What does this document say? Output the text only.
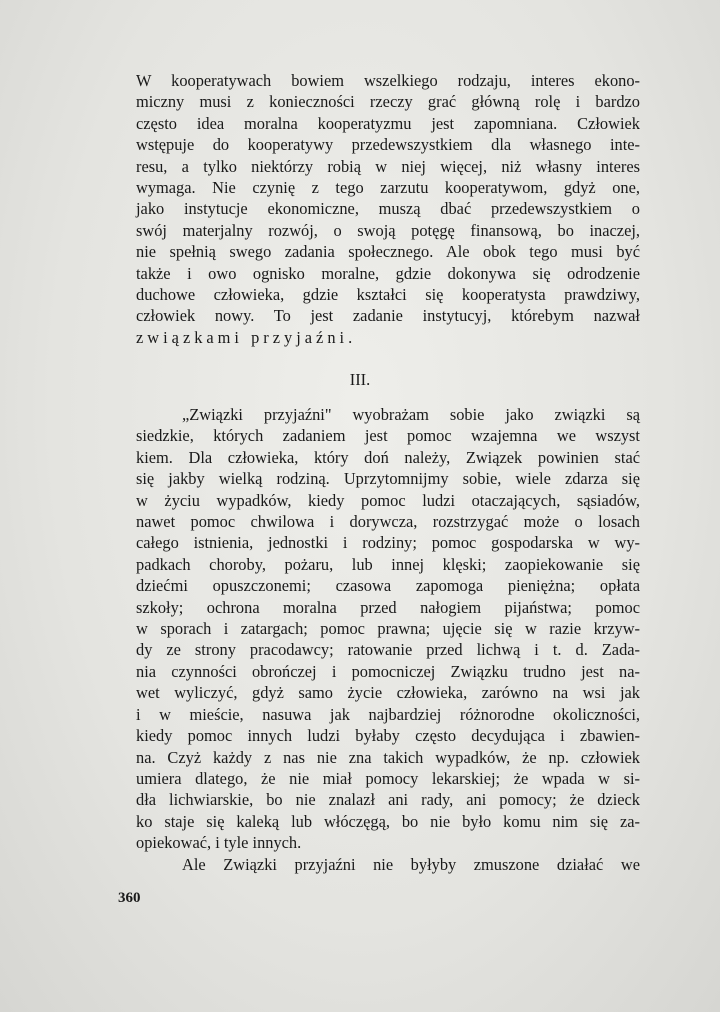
W kooperatywach bowiem wszelkiego rodzaju, interes ekono-
miczny musi z konieczności rzeczy grać główną rolę i bardzo
często idea moralna kooperatyzmu jest zapomniana. Człowiek
wstępuje do kooperatywy przedewszystkiem dla własnego inte-
resu, a tylko niektórzy robią w niej więcej, niż własny interes
wymaga. Nie czynię z tego zarzutu kooperatywom, gdyż one,
jako instytucje ekonomiczne, muszą dbać przedewszystkiem o
swój materjalny rozwój, o swoją potęgę finansową, bo inaczej,
nie spełnią swego zadania społecznego. Ale obok tego musi być
także i owo ognisko moralne, gdzie dokonywa się odrodzenie
duchowe człowieka, gdzie kształci się kooperatysta prawdziwy,
człowiek nowy. To jest zadanie instytucyj, którebym nazwał
związkami przyjaźni.
III.
„Związki przyjaźni" wyobrażam sobie jako związki są
siedzkie, których zadaniem jest pomoc wzajemna we wszyst
kiem. Dla człowieka, który doń należy, Związek powinien stać
się jakby wielką rodziną. Uprzytomnijmy sobie, wiele zdarza się
w życiu wypadków, kiedy pomoc ludzi otaczających, sąsiadów,
nawet pomoc chwilowa i dorywcza, rozstrzygać może o losach
całego istnienia, jednostki i rodziny; pomoc gospodarska w wy-
padkach choroby, pożaru, lub innej klęski; zaopiekowanie się
dziećmi opuszczonemi; czasowa zapomoga pieniężna; opłata
szkoły; ochrona moralna przed nałogiem pijaństwa; pomoc
w sporach i zatargach; pomoc prawna; ujęcie się w razie krzyw-
dy ze strony pracodawcy; ratowanie przed lichwą i t. d. Zada-
nia czynności obrończej i pomocniczej Związku trudno jest na-
wet wyliczyć, gdyż samo życie człowieka, zarówno na wsi jak
i w mieście, nasuwa jak najbardziej różnorodne okoliczności,
kiedy pomoc innych ludzi byłaby często decydująca i zbawien-
na. Czyż każdy z nas nie zna takich wypadków, że np. człowiek
umiera dlatego, że nie miał pomocy lekarskiej; że wpada w si-
dła lichwiarskie, bo nie znalazł ani rady, ani pomocy; że dzieck
ko staje się kaleką lub włóczęgą, bo nie było komu nim się za-
opiekować, i tyle innych.
Ale Związki przyjaźni nie byłyby zmuszone działać we
360
